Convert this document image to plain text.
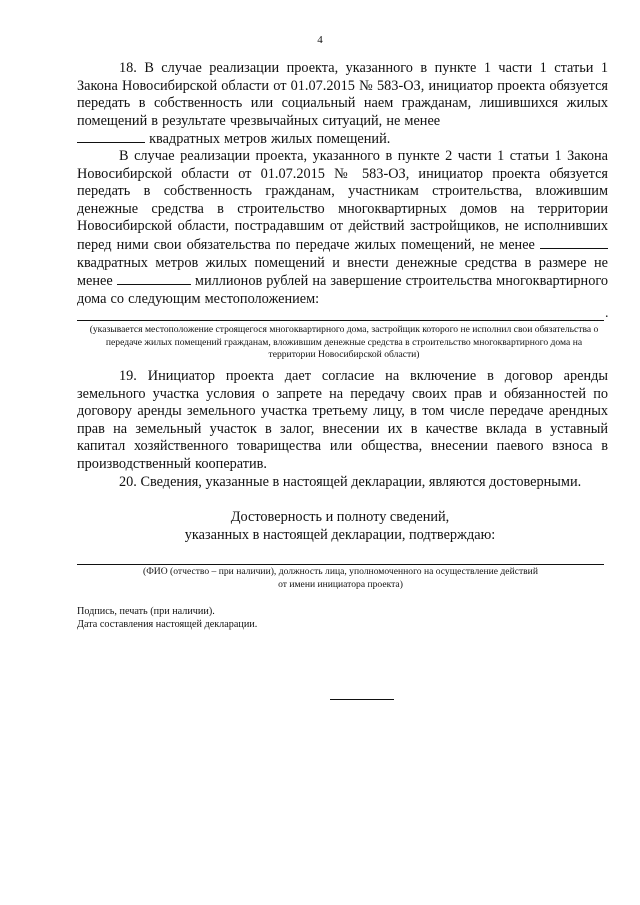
4

18. В случае реализации проекта, указанного в пункте 1 части 1 статьи 1 Закона Новосибирской области от 01.07.2015 № 583-ОЗ, инициатор проекта обязуется передать в собственность или социальный наем гражданам, лишившихся жилых помещений в результате чрезвычайных ситуаций, не менее

квадратных метров жилых помещений.

В случае реализации проекта, указанного в пункте 2 части 1 статьи 1 Закона Новосибирской области от 01.07.2015 № 583-ОЗ, инициатор проекта обязуется передать в собственность гражданам, участникам строительства, вложившим денежные средства в строительство многоквартирных домов на территории Новосибирской области, пострадавшим от действий застройщиков, не исполнивших перед ними свои обязательства по передаче жилых помещений, не менее  квадратных метров жилых помещений и внести денежные средства в размере не менее	миллионов рублей на завершение строительства многоквартирного дома со следующим местоположением:

.

(указывается местоположение строящегося многоквартирного дома, застройщик которого не исполнил свои обязательства о передаче жилых помещений гражданам, вложившим денежные средства в строительство многоквартирного дома на территории Новосибирской области)

19. Инициатор проекта дает согласие на включение в договор аренды земельного участка условия о запрете на передачу своих прав и обязанностей по договору аренды земельного участка третьему лицу, в том числе передаче арендных прав на земельный участок в залог, внесении их в качестве вклада в уставный капитал хозяйственного товарищества или общества, внесении паевого взноса в производственный кооператив.

20. Сведения, указанные в настоящей декларации, являются достоверными.

Достоверность и полноту сведений,

указанных в настоящей декларации, подтверждаю:

(ФИО (отчество – при наличии), должность лица, уполномоченного на осуществление действий

от имени инициатора проекта)

Подпись, печать (при наличии).

Дата составления настоящей декларации.
